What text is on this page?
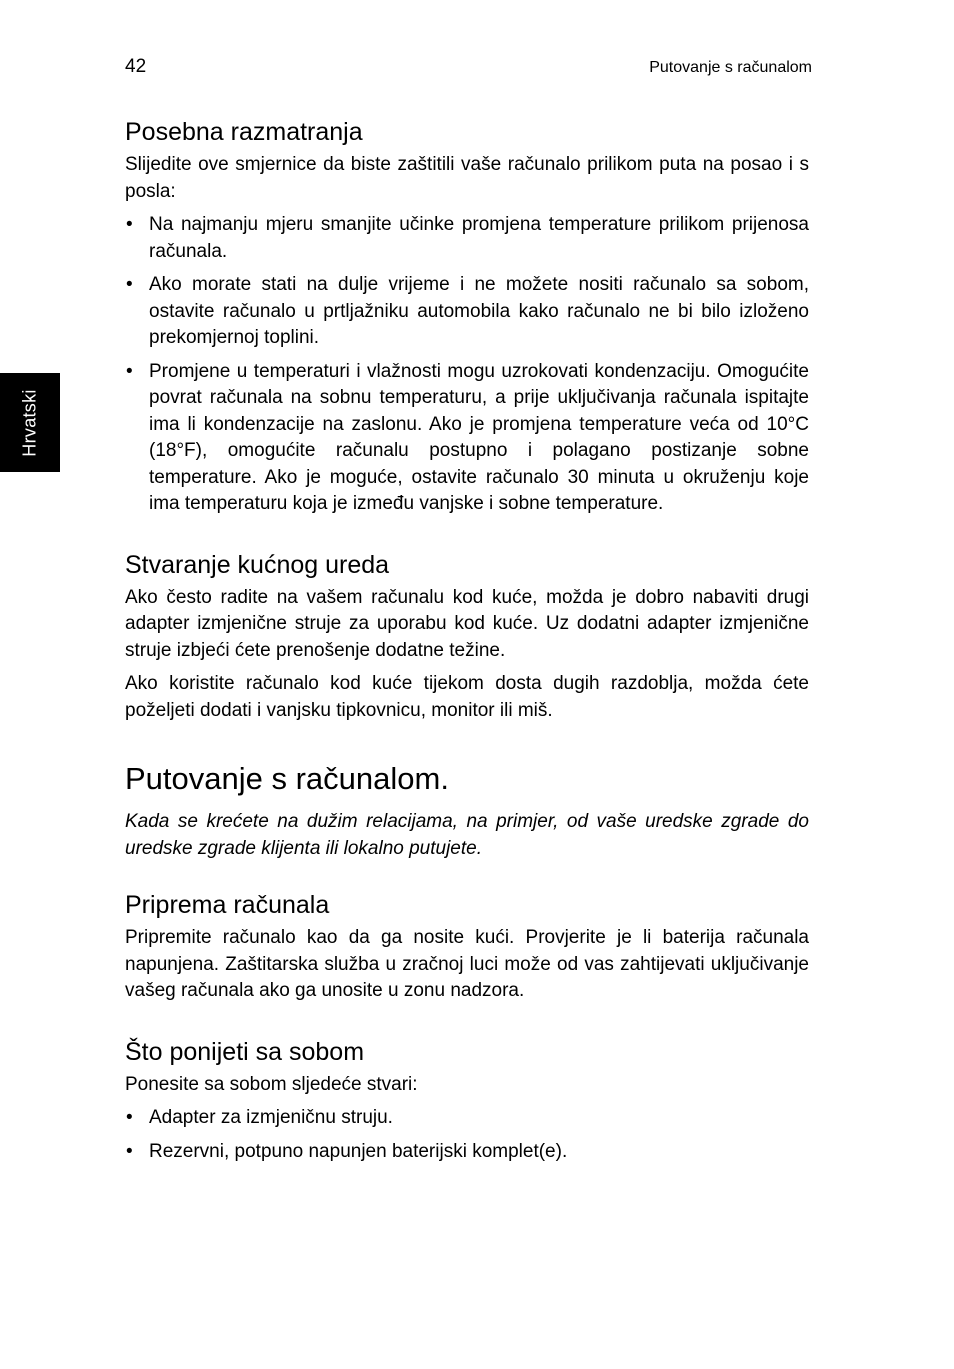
42	Putovanje s računalom
Hrvatski
Posebna razmatranja

Slijedite ove smjernice da biste zaštitili vaše računalo prilikom puta na posao i s posla:

• Na najmanju mjeru smanjite učinke promjena temperature prilikom prijenosa računala.
• Ako morate stati na dulje vrijeme i ne možete nositi računalo sa sobom, ostavite računalo u prtljažniku automobila kako računalo ne bi bilo izloženo prekomjernoj toplini.
• Promjene u temperaturi i vlažnosti mogu uzrokovati kondenzaciju. Omogućite povrat računala na sobnu temperaturu, a prije uključivanja računala ispitajte ima li kondenzacije na zaslonu. Ako je promjena temperature veća od 10°C (18°F), omogućite računalu postupno i polagano postizanje sobne temperature. Ako je moguće, ostavite računalo 30 minuta u okruženju koje ima temperaturu koja je između vanjske i sobne temperature.
Stvaranje kućnog ureda

Ako često radite na vašem računalu kod kuće, možda je dobro nabaviti drugi adapter izmjenične struje za uporabu kod kuće. Uz dodatni adapter izmjenične struje izbjeći ćete prenošenje dodatne težine.

Ako koristite računalo kod kuće tijekom dosta dugih razdoblja, možda ćete poželjeti dodati i vanjsku tipkovnicu, monitor ili miš.

Putovanje s računalom.

Kada se krećete na dužim relacijama, na primjer, od vaše uredske zgrade do uredske zgrade klijenta ili lokalno putujete.

Priprema računala

Pripremite računalo kao da ga nosite kući. Provjerite je li baterija računala napunjena. Zaštitarska služba u zračnoj luci može od vas zahtijevati uključivanje vašeg računala ako ga unosite u zonu nadzora.

Što ponijeti sa sobom

Ponesite sa sobom sljedeće stvari:

• Adapter za izmjeničnu struju.
• Rezervni, potpuno napunjen baterijski komplet(e).
